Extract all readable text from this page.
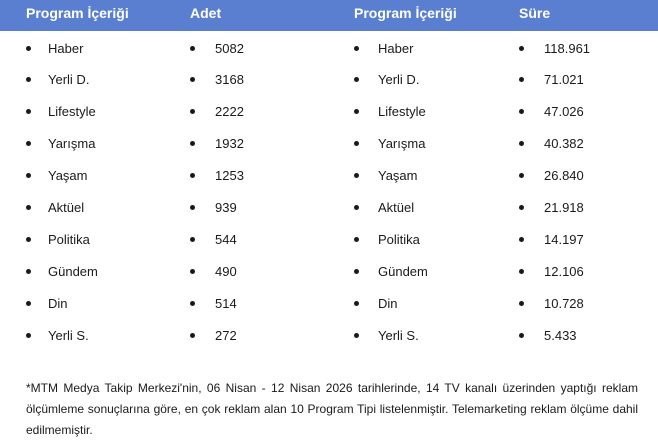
Program İçeriği	Adet	Program İçeriği	Süre
Haber	5082	Haber	118.961
Yerli D.	3168	Yerli D.	71.021
Lifestyle	2222	Lifestyle	47.026
Yarışma	1932	Yarışma	40.382
Yaşam	1253	Yaşam	26.840
Aktüel	939	Aktüel	21.918
Politika	544	Politika	14.197
Gündem	490	Gündem	12.106
Din	514	Din	10.728
Yerli S.	272	Yerli S.	5.433
*MTM Medya Takip Merkezi'nin, 06 Nisan - 12 Nisan 2026 tarihlerinde, 14 TV kanalı üzerinden yaptığı reklam ölçümleme sonuçlarına göre, en çok reklam alan 10 Program Tipi listelenmiştir. Telemarketing reklam ölçüme dahil edilmemiştir.
